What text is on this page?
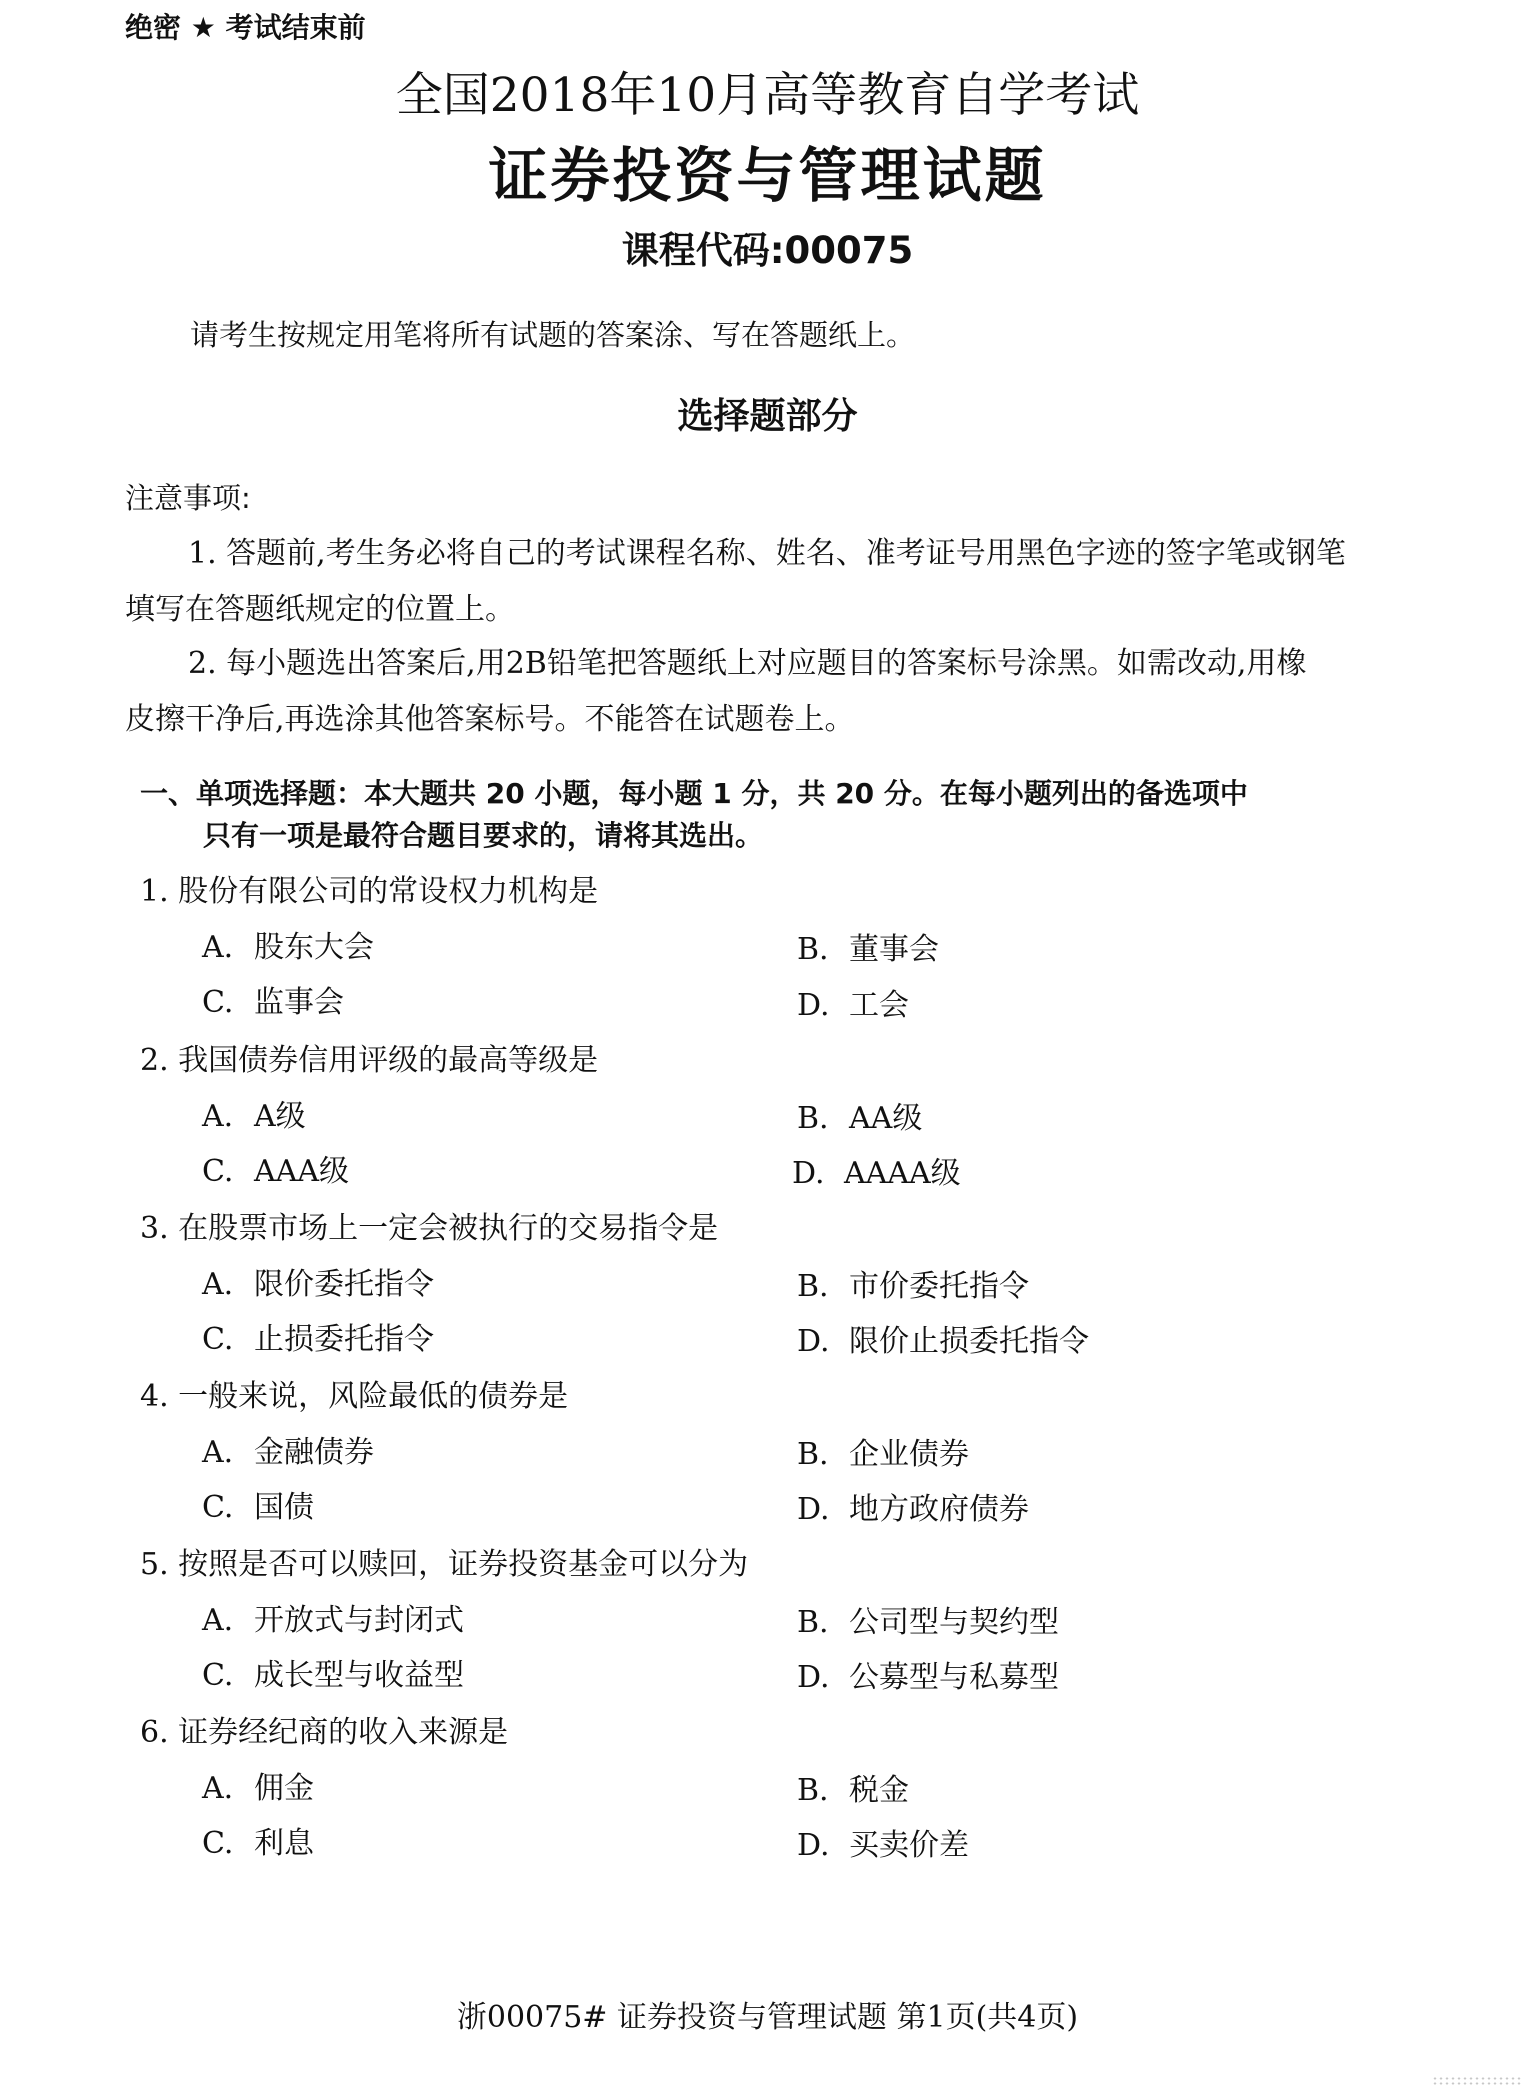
绝密 ★ 考试结束前
全国2018年10月高等教育自学考试
证券投资与管理试题
课程代码:00075
请考生按规定用笔将所有试题的答案涂、写在答题纸上。
选择题部分
注意事项:
1. 答题前,考生务必将自己的考试课程名称、姓名、准考证号用黑色字迹的签字笔或钢笔
填写在答题纸规定的位置上。
2. 每小题选出答案后,用2B铅笔把答题纸上对应题目的答案标号涂黑。如需改动,用橡
皮擦干净后,再选涂其他答案标号。不能答在试题卷上。
一、单项选择题：本大题共 20 小题，每小题 1 分，共 20 分。在每小题列出的备选项中
只有一项是最符合题目要求的，请将其选出。
1. 股份有限公司的常设权力机构是
A. 股东大会	B. 董事会
C. 监事会	D. 工会
2. 我国债券信用评级的最高等级是
A. A级	B. AA级
C. AAA级	D. AAAA级
3. 在股票市场上一定会被执行的交易指令是
A. 限价委托指令	B. 市价委托指令
C. 止损委托指令	D. 限价止损委托指令
4. 一般来说，风险最低的债券是
A. 金融债券	B. 企业债券
C. 国债	D. 地方政府债券
5. 按照是否可以赎回，证券投资基金可以分为
A. 开放式与封闭式	B. 公司型与契约型
C. 成长型与收益型	D. 公募型与私募型
6. 证券经纪商的收入来源是
A. 佣金	B. 税金
C. 利息	D. 买卖价差
浙00075# 证券投资与管理试题 第1页(共4页)
